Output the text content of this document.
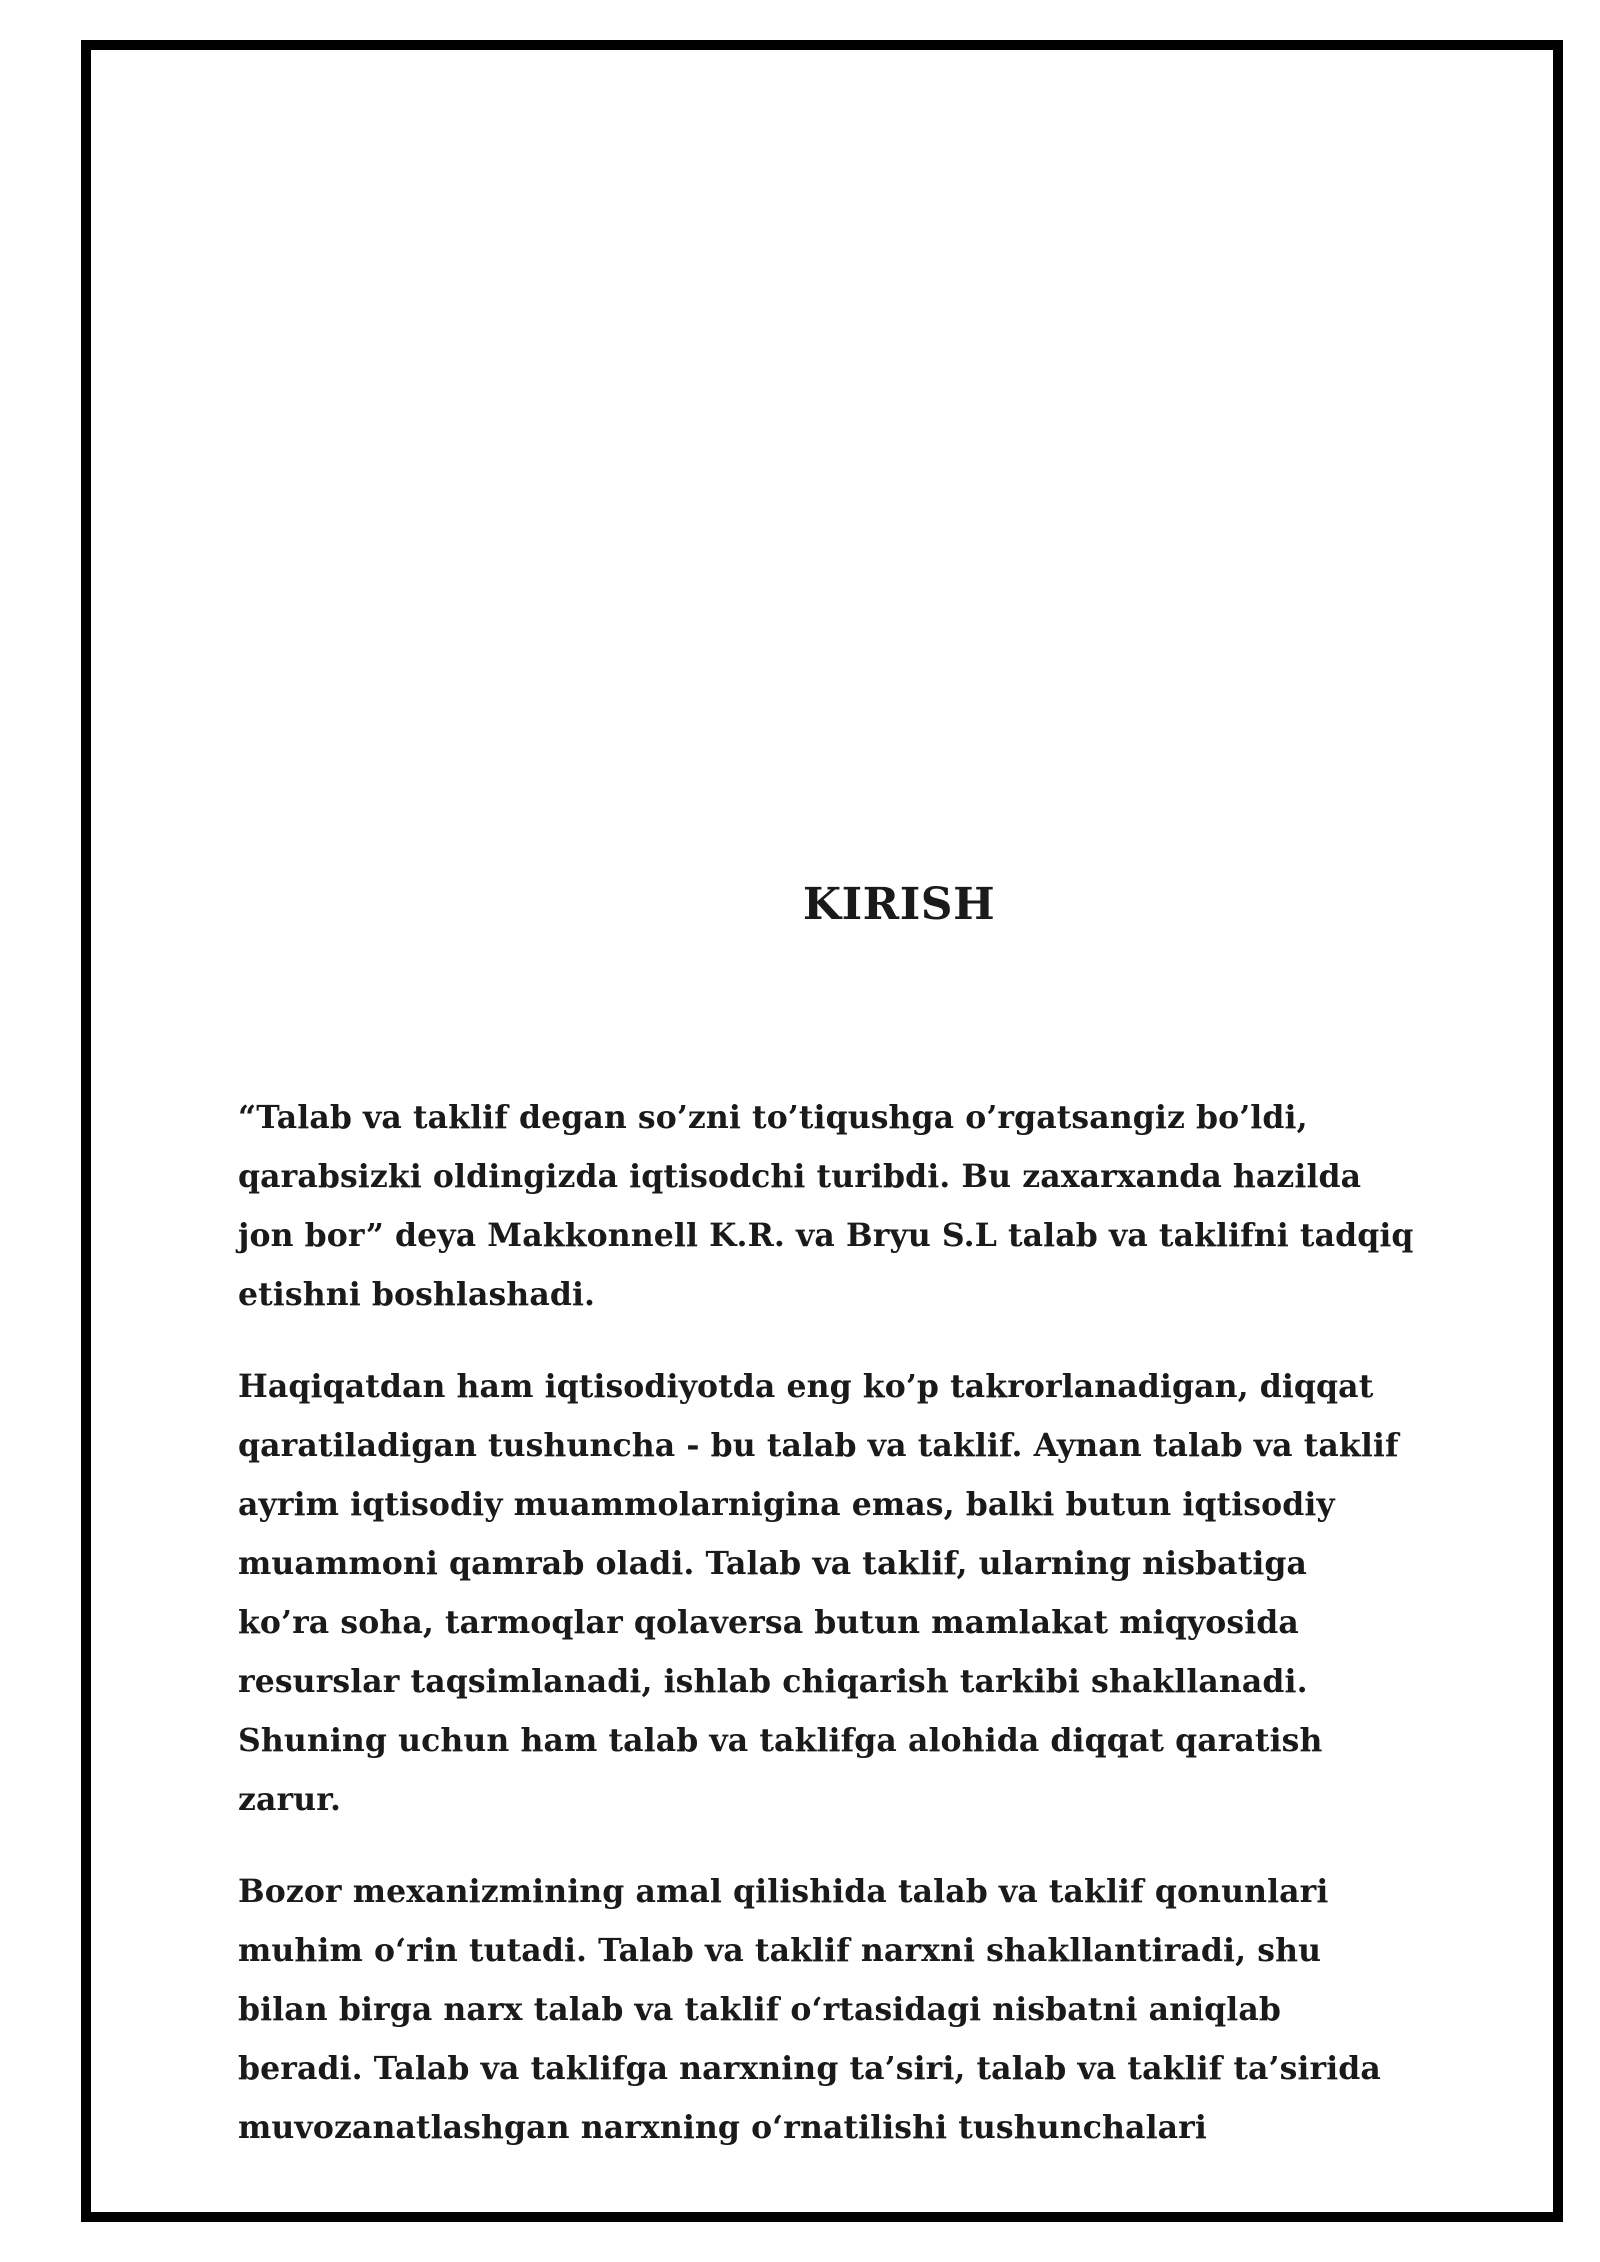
KIRISH

“Talab va taklif degan so’zni to’tiqushga o’rgatsangiz bo’ldi,
qarabsizki oldingizda iqtisodchi turibdi. Bu zaxarxanda hazilda
jon bor” deya Makkonnell K.R. va Bryu S.L talab va taklifni tadqiq
etishni boshlashadi.

Haqiqatdan ham iqtisodiyotda eng ko’p takrorlanadigan, diqqat
qaratiladigan tushuncha - bu talab va taklif. Aynan talab va taklif
ayrim iqtisodiy muammolarnigina emas, balki butun iqtisodiy
muammoni qamrab oladi. Talab va taklif, ularning nisbatiga
ko’ra soha, tarmoqlar qolaversa butun mamlakat miqyosida
resurslar taqsimlanadi, ishlab chiqarish tarkibi shakllanadi.
Shuning uchun ham talab va taklifga alohida diqqat qaratish
zarur.

Bozor mexanizmining amal qilishida talab va taklif qonunlari
muhim o‘rin tutadi. Talab va taklif narxni shakllantiradi, shu
bilan birga narx talab va taklif o‘rtasidagi nisbatni aniqlab
beradi. Talab va taklifga narxning ta’siri, talab va taklif ta’sirida
muvozanatlashgan narxning o‘rnatilishi tushunchalari
